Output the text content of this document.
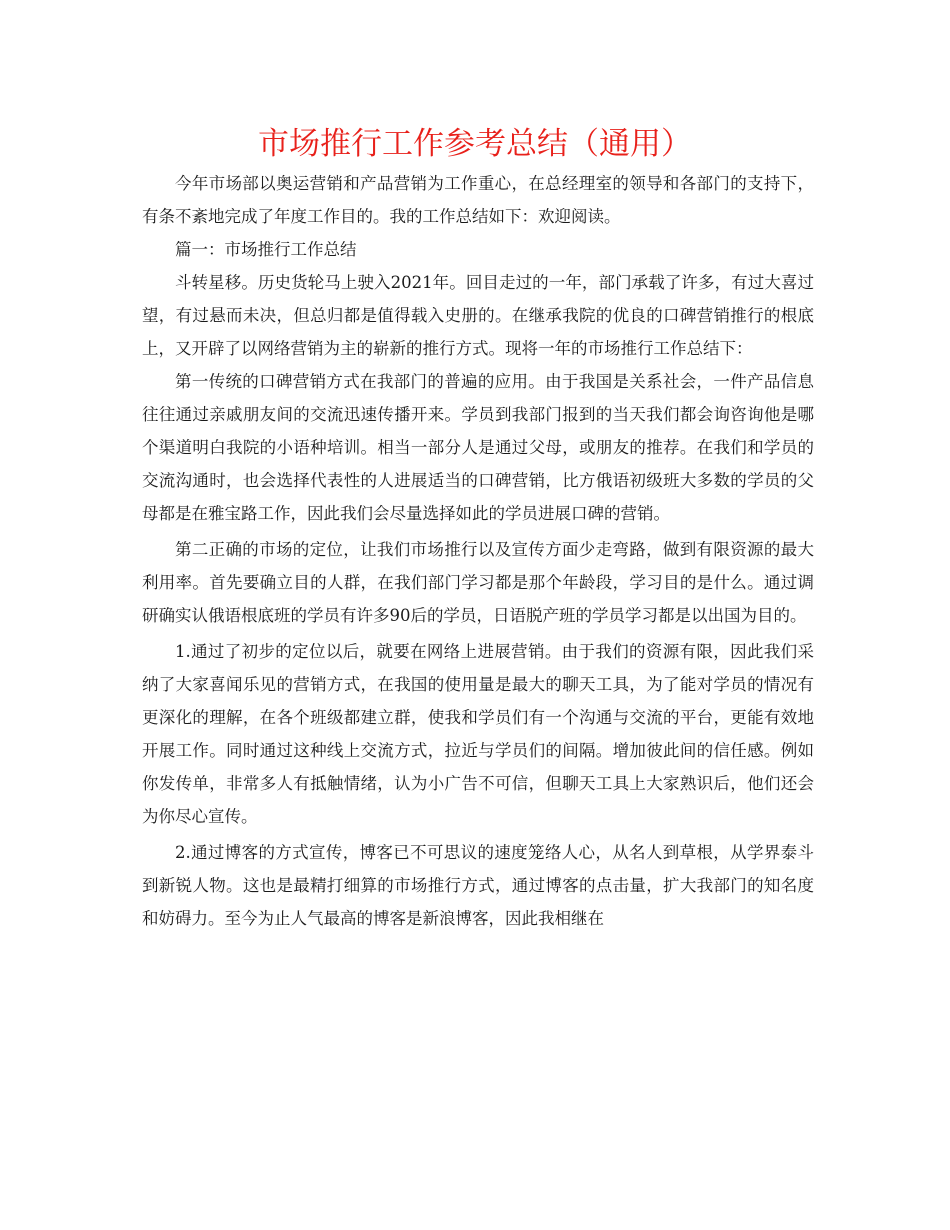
市场推行工作参考总结（通用）

今年市场部以奥运营销和产品营销为工作重心，在总经理室的领导和各部门的支持下，有条不紊地完成了年度工作目的。我的工作总结如下：欢迎阅读。

篇一：市场推行工作总结

斗转星移。历史货轮马上驶入2021年。回目走过的一年，部门承载了许多，有过大喜过望，有过悬而未决，但总归都是值得载入史册的。在继承我院的优良的口碑营销推行的根底上，又开辟了以网络营销为主的崭新的推行方式。现将一年的市场推行工作总结下：

第一传统的口碑营销方式在我部门的普遍的应用。由于我国是关系社会，一件产品信息往往通过亲戚朋友间的交流迅速传播开来。学员到我部门报到的当天我们都会询咨询他是哪个渠道明白我院的小语种培训。相当一部分人是通过父母，或朋友的推荐。在我们和学员的交流沟通时，也会选择代表性的人进展适当的口碑营销，比方俄语初级班大多数的学员的父母都是在雅宝路工作，因此我们会尽量选择如此的学员进展口碑的营销。

第二正确的市场的定位，让我们市场推行以及宣传方面少走弯路，做到有限资源的最大利用率。首先要确立目的人群，在我们部门学习都是那个年龄段，学习目的是什么。通过调研确实认俄语根底班的学员有许多90后的学员，日语脱产班的学员学习都是以出国为目的。

1.通过了初步的定位以后，就要在网络上进展营销。由于我们的资源有限，因此我们采纳了大家喜闻乐见的营销方式，在我国的使用量是最大的聊天工具，为了能对学员的情况有更深化的理解，在各个班级都建立群，使我和学员们有一个沟通与交流的平台，更能有效地开展工作。同时通过这种线上交流方式，拉近与学员们的间隔。增加彼此间的信任感。例如你发传单，非常多人有抵触情绪，认为小广告不可信，但聊天工具上大家熟识后，他们还会为你尽心宣传。

2.通过博客的方式宣传，博客已不可思议的速度笼络人心，从名人到草根，从学界泰斗到新锐人物。这也是最精打细算的市场推行方式，通过博客的点击量，扩大我部门的知名度和妨碍力。至今为止人气最高的博客是新浪博客，因此我相继在
